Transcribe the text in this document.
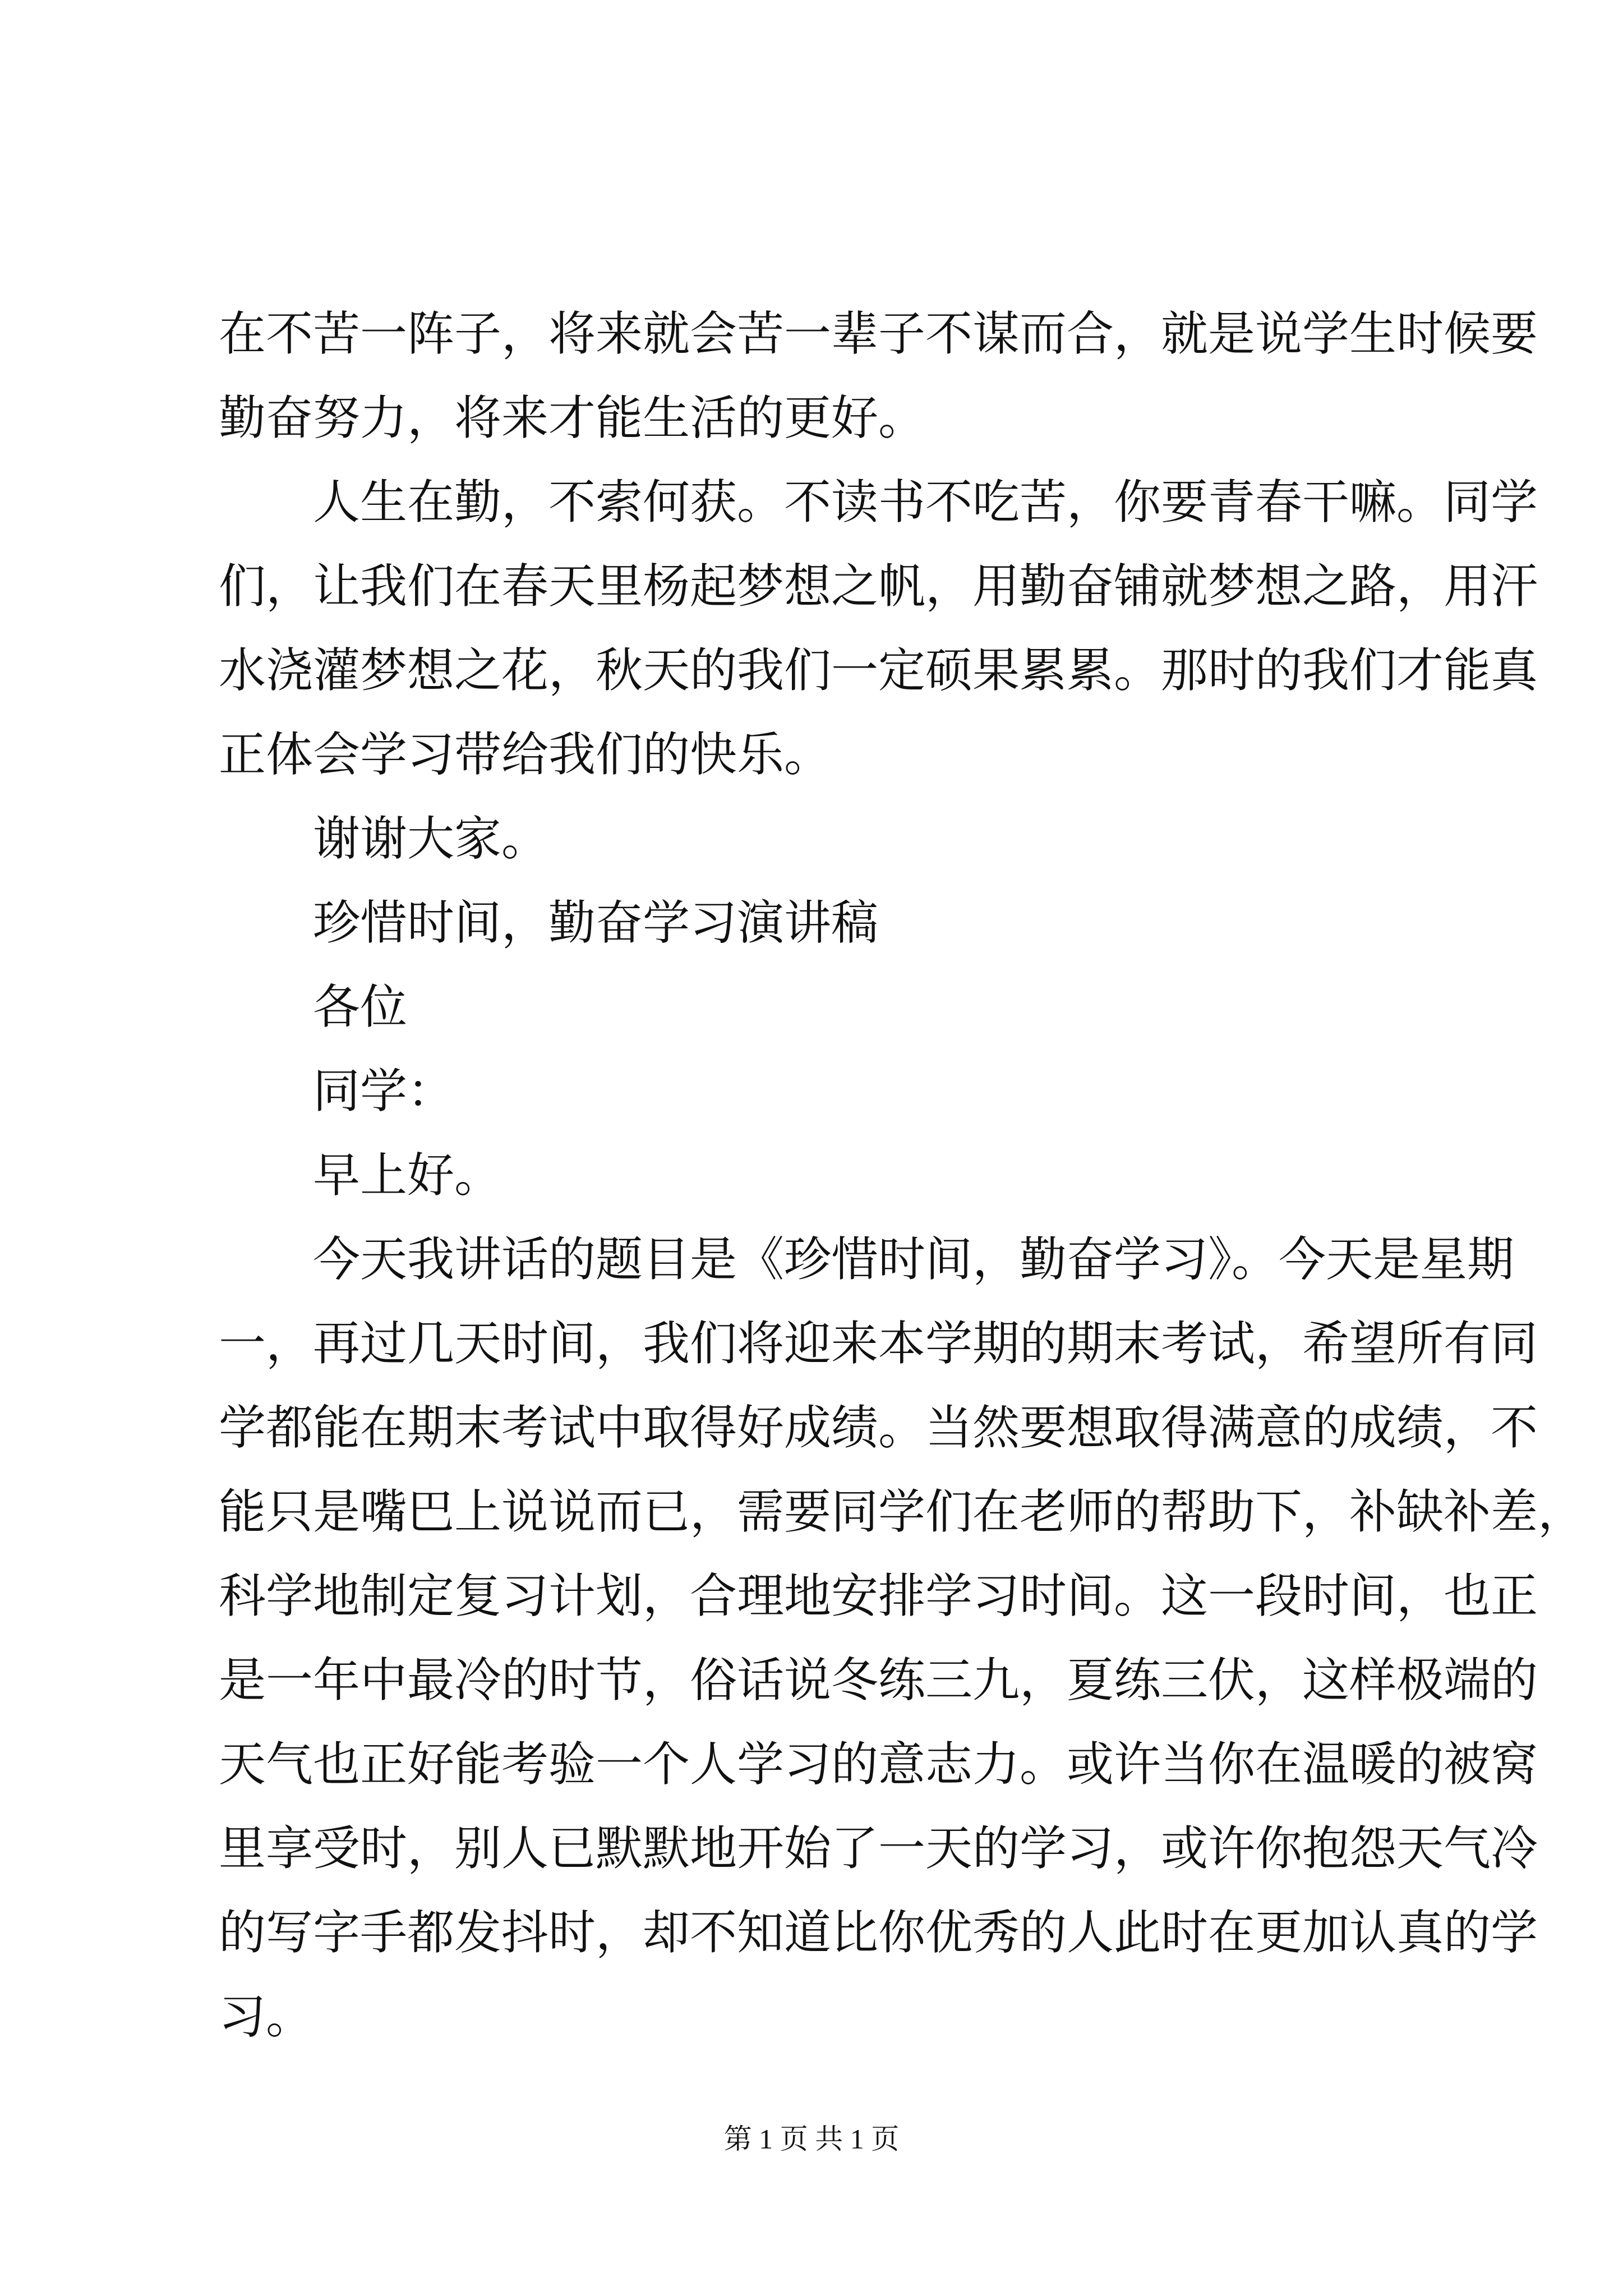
在不苦一阵子，将来就会苦一辈子不谋而合，就是说学生时候要
勤奋努力，将来才能生活的更好。
人生在勤，不索何获。不读书不吃苦，你要青春干嘛。同学
们，让我们在春天里杨起梦想之帆，用勤奋铺就梦想之路，用汗
水浇灌梦想之花，秋天的我们一定硕果累累。那时的我们才能真
正体会学习带给我们的快乐。
谢谢大家。
珍惜时间，勤奋学习演讲稿
各位
同学：
早上好。
今天我讲话的题目是《珍惜时间，勤奋学习》。今天是星期
一，再过几天时间，我们将迎来本学期的期末考试，希望所有同
学都能在期末考试中取得好成绩。当然要想取得满意的成绩，不
能只是嘴巴上说说而已，需要同学们在老师的帮助下，补缺补差，
科学地制定复习计划，合理地安排学习时间。这一段时间，也正
是一年中最冷的时节，俗话说冬练三九，夏练三伏，这样极端的
天气也正好能考验一个人学习的意志力。或许当你在温暖的被窝
里享受时，别人已默默地开始了一天的学习，或许你抱怨天气冷
的写字手都发抖时，却不知道比你优秀的人此时在更加认真的学
习。
第 1 页 共 1 页
